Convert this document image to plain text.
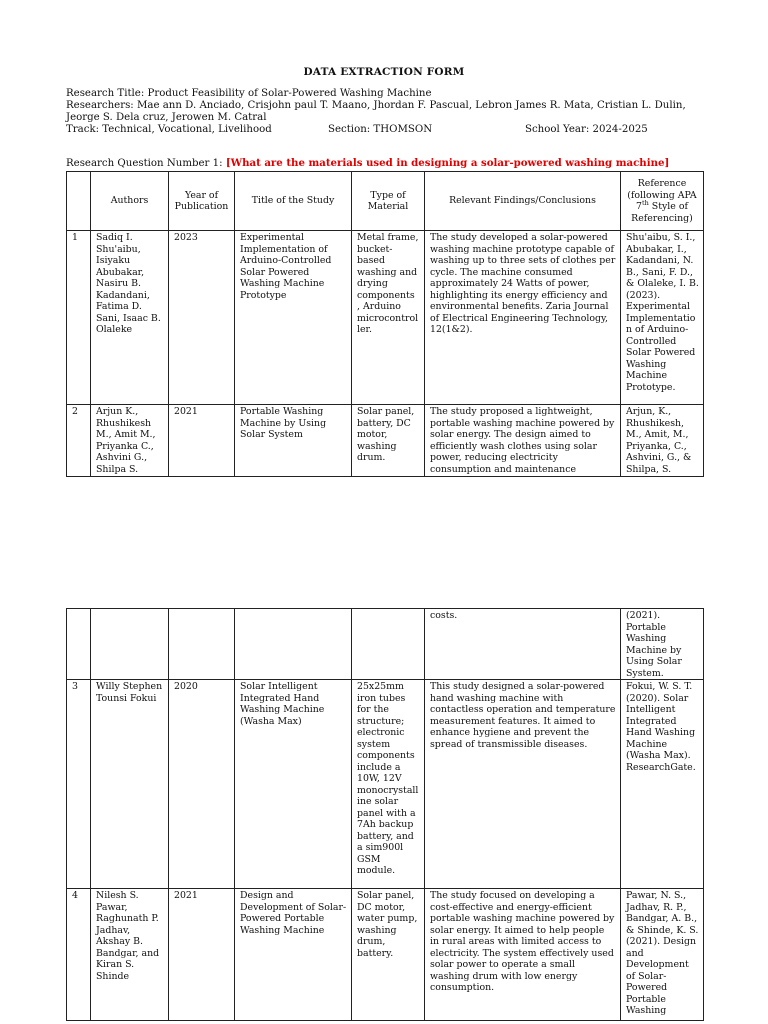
DATA EXTRACTION FORM
Research Title: Product Feasibility of Solar-Powered Washing Machine
Researchers: Mae ann D. Anciado, Crisjohn paul T. Maano, Jhordan F. Pascual, Lebron James R. Mata, Cristian L. Dulin, Jeorge S. Dela cruz, Jerowen M. Catral
Track: Technical, Vocational, Livelihood	Section: THOMSON	School Year: 2024-2025
Research Question Number 1: [What are the materials used in designing a solar-powered washing machine]
	Authors	Year of Publication	Title of the Study	Type of Material	Relevant Findings/Conclusions	Reference (following APA 7th Style of Referencing)
1	Sadiq I. Shu'aibu, Isiyaku Abubakar, Nasiru B. Kadandani, Fatima D. Sani, Isaac B. Olaleke	2023	Experimental Implementation of Arduino-Controlled Solar Powered Washing Machine Prototype	Metal frame, bucket-based washing and drying components , Arduino microcontroller.	The study developed a solar-powered washing machine prototype capable of washing up to three sets of clothes per cycle. The machine consumed approximately 24 Watts of power, highlighting its energy efficiency and environmental benefits. Zaria Journal of Electrical Engineering Technology, 12(1&2).	Shu'aibu, S. I., Abubakar, I., Kadandani, N. B., Sani, F. D., & Olaleke, I. B. (2023). Experimental Implementation of Arduino-Controlled Solar Powered Washing Machine Prototype.
2	Arjun K., Rhushikesh M., Amit M., Priyanka C., Ashvini G., Shilpa S.	2021	Portable Washing Machine by Using Solar System	Solar panel, battery, DC motor, washing drum.	The study proposed a lightweight, portable washing machine powered by solar energy. The design aimed to efficiently wash clothes using solar power, reducing electricity consumption and maintenance	Arjun, K., Rhushikesh, M., Amit, M., Priyanka, C., Ashvini, G., & Shilpa, S.
					costs.	(2021). Portable Washing Machine by Using Solar System.
3	Willy Stephen Tounsi Fokui	2020	Solar Intelligent Integrated Hand Washing Machine (Washa Max)	25x25mm iron tubes for the structure; electronic system components include a 10W, 12V monocrystalline solar panel with a 7Ah backup battery, and a sim900l GSM module.	This study designed a solar-powered hand washing machine with contactless operation and temperature measurement features. It aimed to enhance hygiene and prevent the spread of transmissible diseases.	Fokui, W. S. T. (2020). Solar Intelligent Integrated Hand Washing Machine (Washa Max). ResearchGate.
4	Nilesh S. Pawar, Raghunath P. Jadhav, Akshay B. Bandgar, and Kiran S. Shinde	2021	Design and Development of Solar-Powered Portable Washing Machine	Solar panel, DC motor, water pump, washing drum, battery.	The study focused on developing a cost-effective and energy-efficient portable washing machine powered by solar energy. It aimed to help people in rural areas with limited access to electricity. The system effectively used solar power to operate a small washing drum with low energy consumption.	Pawar, N. S., Jadhav, R. P., Bandgar, A. B., & Shinde, K. S. (2021). Design and Development of Solar-Powered Portable Washing
